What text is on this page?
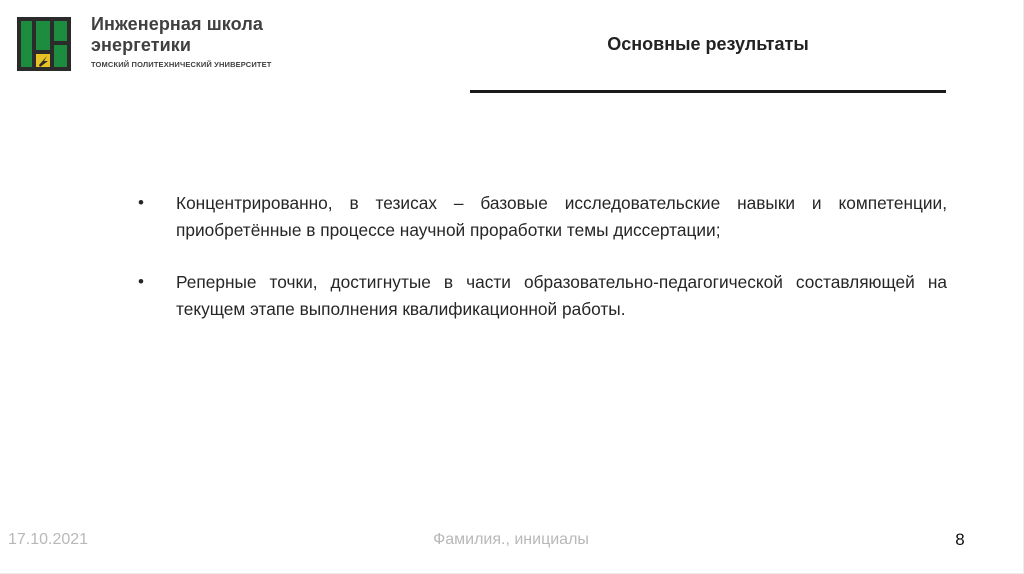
Инженерная школа
энергетики
ТОМСКИЙ ПОЛИТЕХНИЧЕСКИЙ УНИВЕРСИТЕТ
Основные результаты
• Концентрированно, в тезисах – базовые исследовательские навыки и компетенции, приобретённые в процессе научной проработки темы диссертации;
• Реперные точки, достигнутые в части образовательно-педагогической составляющей на текущем этапе выполнения квалификационной работы.
17.10.2021	Фамилия., инициалы	8
